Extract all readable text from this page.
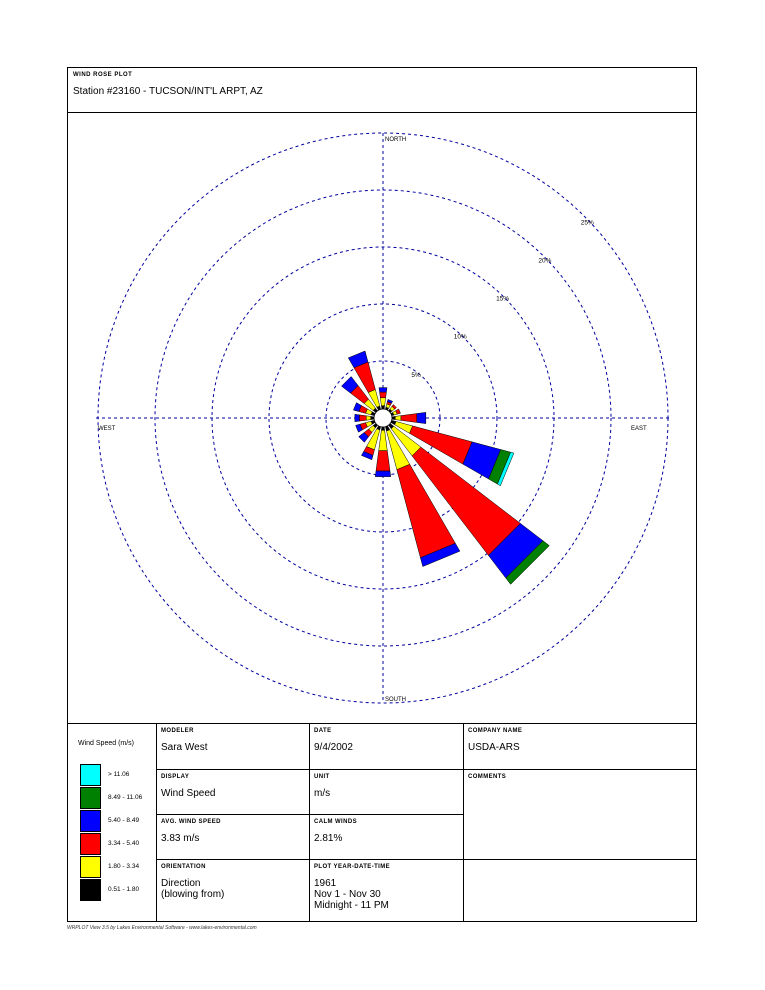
WIND ROSE PLOT
Station #23160 - TUCSON/INT'L ARPT, AZ
NORTH
SOUTH
EAST
WEST
5%
10%
15%
20%
25%
Wind Speed (m/s)
> 11.06
8.49 - 11.06
5.40 - 8.49
3.34 - 5.40
1.80 - 3.34
0.51 - 1.80
MODELER
Sara West
DATE
9/4/2002
COMPANY NAME
USDA-ARS
DISPLAY
Wind Speed
UNIT
m/s
COMMENTS
AVG. WIND SPEED
3.83 m/s
CALM WINDS
2.81%
ORIENTATION
Direction
(blowing from)
PLOT YEAR-DATE-TIME
1961
Nov 1 - Nov 30
Midnight - 11 PM
WRPLOT View 3.5 by Lakes Environmental Software - www.lakes-environmental.com
